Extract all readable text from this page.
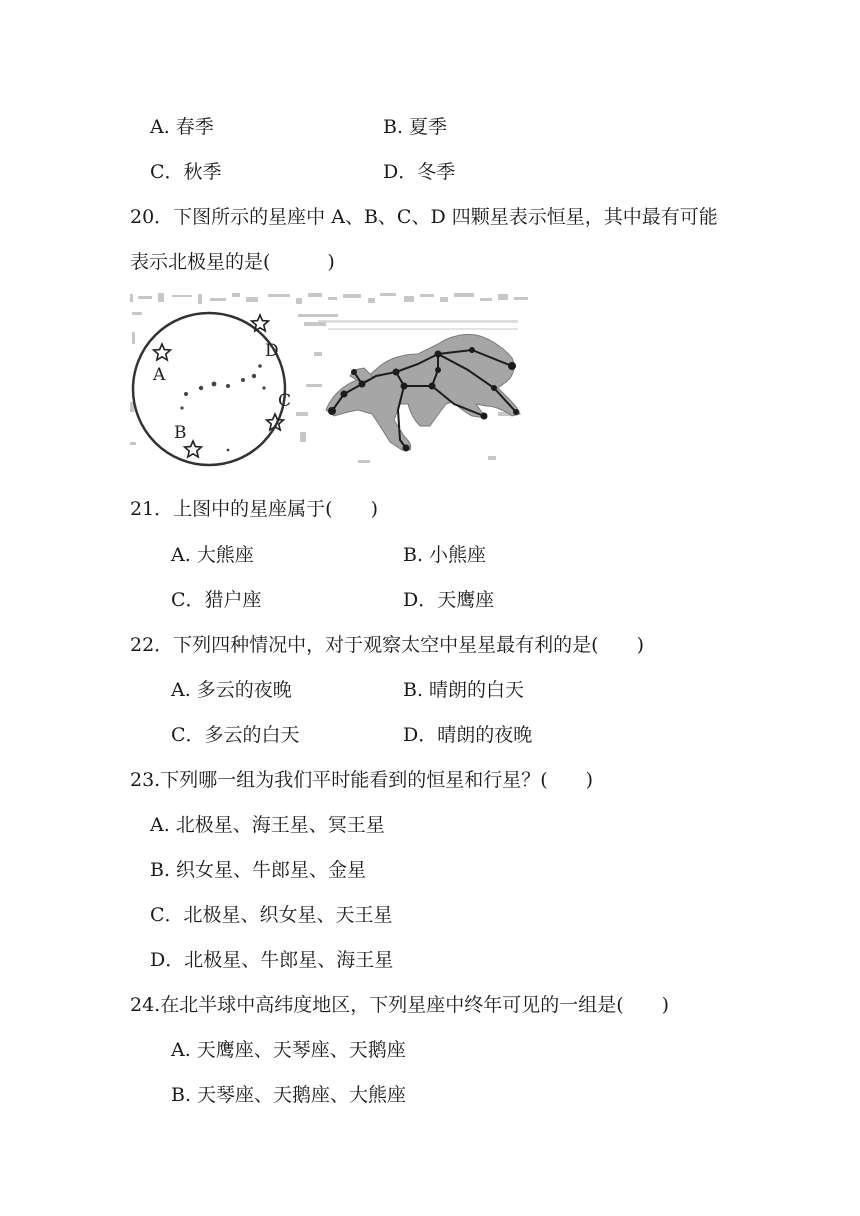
A. 春季	B. 夏季
C．秋季	D．冬季
20．下图所示的星座中 A、B、C、D 四颗星表示恒星，其中最有可能
表示北极星的是(　　　)
A
B
C
D
21．上图中的星座属于(　　)
A. 大熊座	B. 小熊座
C．猎户座	D．天鹰座
22．下列四种情况中，对于观察太空中星星最有利的是(　　)
A. 多云的夜晚	B. 晴朗的白天
C．多云的白天	D．晴朗的夜晚
23.下列哪一组为我们平时能看到的恒星和行星？(　　)
A. 北极星、海王星、冥王星
B. 织女星、牛郎星、金星
C．北极星、织女星、天王星
D．北极星、牛郎星、海王星
24.在北半球中高纬度地区，下列星座中终年可见的一组是(　　)
A. 天鹰座、天琴座、天鹅座
B. 天琴座、天鹅座、大熊座
